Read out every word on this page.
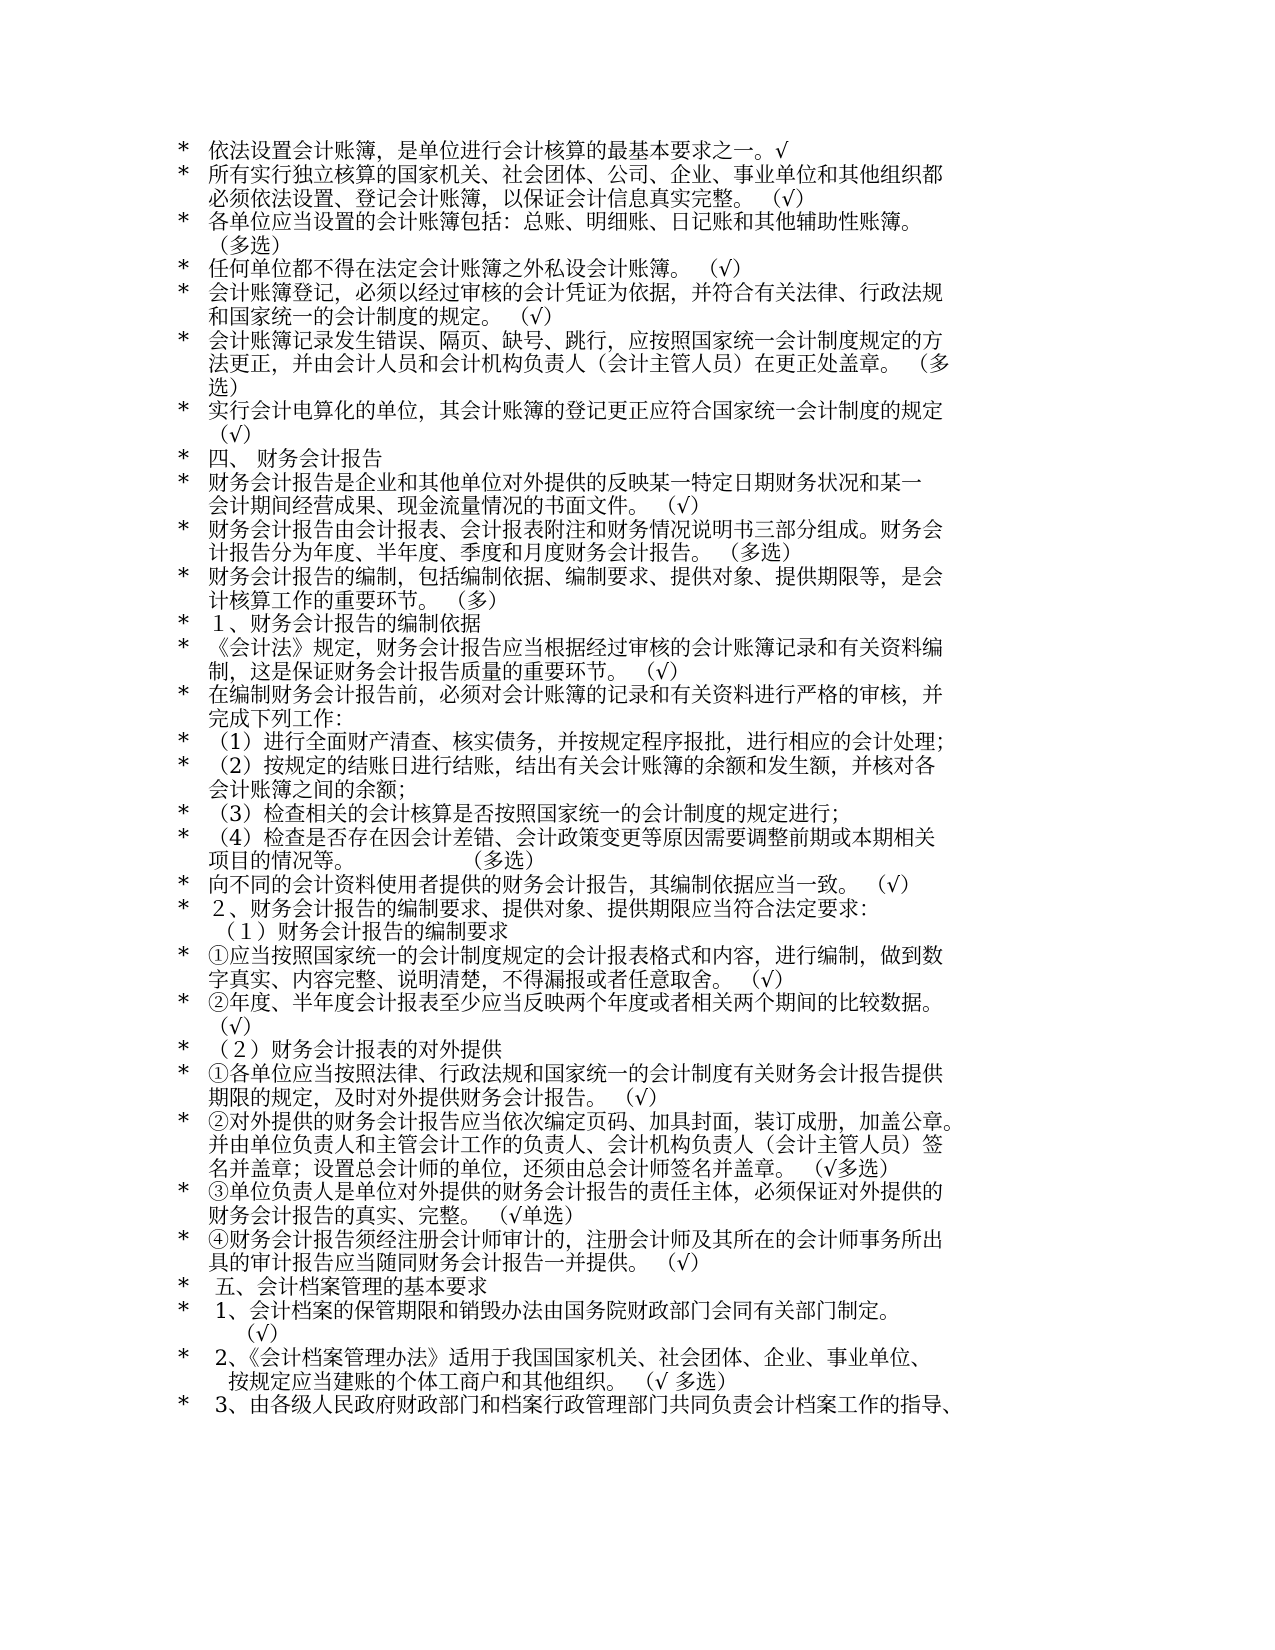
* 依法设置会计账簿，是单位进行会计核算的最基本要求之一。√
* 所有实行独立核算的国家机关、社会团体、公司、企业、事业单位和其他组织都
必须依法设置、登记会计账簿，以保证会计信息真实完整。 （√）
* 各单位应当设置的会计账簿包括：总账、明细账、日记账和其他辅助性账簿。
（多选）
* 任何单位都不得在法定会计账簿之外私设会计账簿。 （√）
* 会计账簿登记，必须以经过审核的会计凭证为依据，并符合有关法律、行政法规
和国家统一的会计制度的规定。 （√）
* 会计账簿记录发生错误、隔页、缺号、跳行，应按照国家统一会计制度规定的方
法更正，并由会计人员和会计机构负责人（会计主管人员）在更正处盖章。 （多
选）
* 实行会计电算化的单位，其会计账簿的登记更正应符合国家统一会计制度的规定
（√）
* 四、 财务会计报告
* 财务会计报告是企业和其他单位对外提供的反映某一特定日期财务状况和某一
会计期间经营成果、现金流量情况的书面文件。 （√）
* 财务会计报告由会计报表、会计报表附注和财务情况说明书三部分组成。财务会
计报告分为年度、半年度、季度和月度财务会计报告。 （多选）
* 财务会计报告的编制，包括编制依据、编制要求、提供对象、提供期限等，是会
计核算工作的重要环节。 （多）
* １、财务会计报告的编制依据
* 《会计法》规定，财务会计报告应当根据经过审核的会计账簿记录和有关资料编
制，这是保证财务会计报告质量的重要环节。 （√）
* 在编制财务会计报告前，必须对会计账簿的记录和有关资料进行严格的审核，并
完成下列工作：
* （1）进行全面财产清查、核实债务，并按规定程序报批，进行相应的会计处理；
* （2）按规定的结账日进行结账，结出有关会计账簿的余额和发生额，并核对各
会计账簿之间的余额；
* （3）检查相关的会计核算是否按照国家统一的会计制度的规定进行；
* （4）检查是否存在因会计差错、会计政策变更等原因需要调整前期或本期相关
项目的情况等。                （多选）
* 向不同的会计资料使用者提供的财务会计报告，其编制依据应当一致。 （√）
* ２、财务会计报告的编制要求、提供对象、提供期限应当符合法定要求：
（１）财务会计报告的编制要求
* ①应当按照国家统一的会计制度规定的会计报表格式和内容，进行编制，做到数
字真实、内容完整、说明清楚，不得漏报或者任意取舍。 （√）
* ②年度、半年度会计报表至少应当反映两个年度或者相关两个期间的比较数据。
（√）
* （２）财务会计报表的对外提供
* ①各单位应当按照法律、行政法规和国家统一的会计制度有关财务会计报告提供
期限的规定，及时对外提供财务会计报告。 （√）
* ②对外提供的财务会计报告应当依次编定页码、加具封面，装订成册，加盖公章。
并由单位负责人和主管会计工作的负责人、会计机构负责人（会计主管人员）签
名并盖章；设置总会计师的单位，还须由总会计师签名并盖章。 （√多选）
* ③单位负责人是单位对外提供的财务会计报告的责任主体，必须保证对外提供的
财务会计报告的真实、完整。 （√单选）
* ④财务会计报告须经注册会计师审计的，注册会计师及其所在的会计师事务所出
具的审计报告应当随同财务会计报告一并提供。 （√）
* 五、会计档案管理的基本要求
* 1、会计档案的保管期限和销毁办法由国务院财政部门会同有关部门制定。
（√）
* 2、《会计档案管理办法》适用于我国国家机关、社会团体、企业、事业单位、
按规定应当建账的个体工商户和其他组织。 （√ 多选）
* 3、由各级人民政府财政部门和档案行政管理部门共同负责会计档案工作的指导、
